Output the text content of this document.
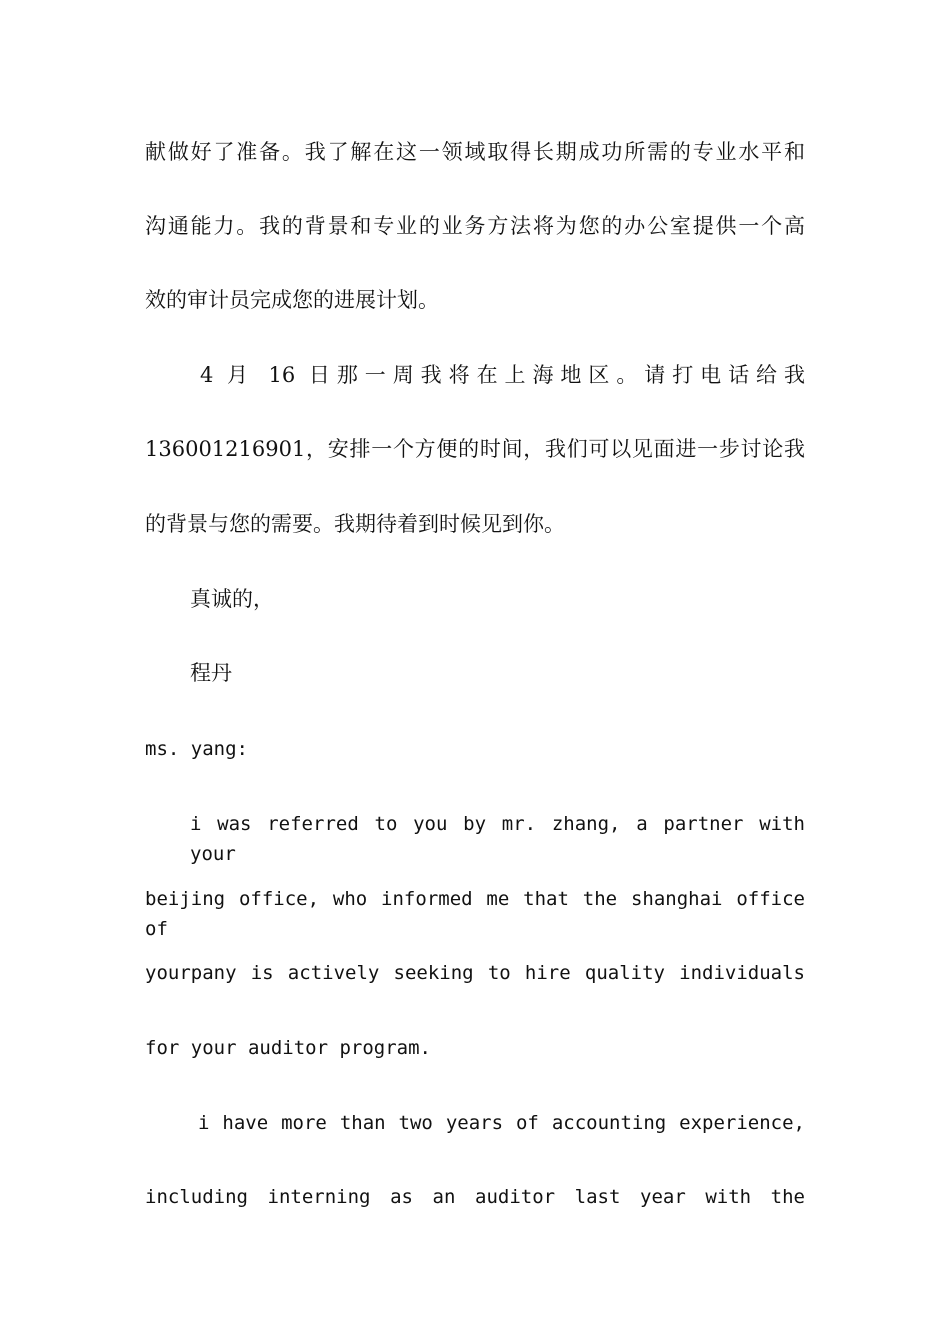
献做好了准备。我了解在这一领域取得长期成功所需的专业水平和
沟通能力。我的背景和专业的业务方法将为您的办公室提供一个高
效的审计员完成您的进展计划。
4 月 16 日那一周我将在上海地区。请打电话给我
136001216901，安排一个方便的时间，我们可以见面进一步讨论我
的背景与您的需要。我期待着到时候见到你。
真诚的，
程丹
ms. yang:
i was referred to you by mr. zhang, a partner with your
beijing office, who informed me that the shanghai office of
yourpany is actively seeking to hire quality individuals
for your auditor program.
i have more than two years of accounting experience,
including interning as an auditor last year with the
